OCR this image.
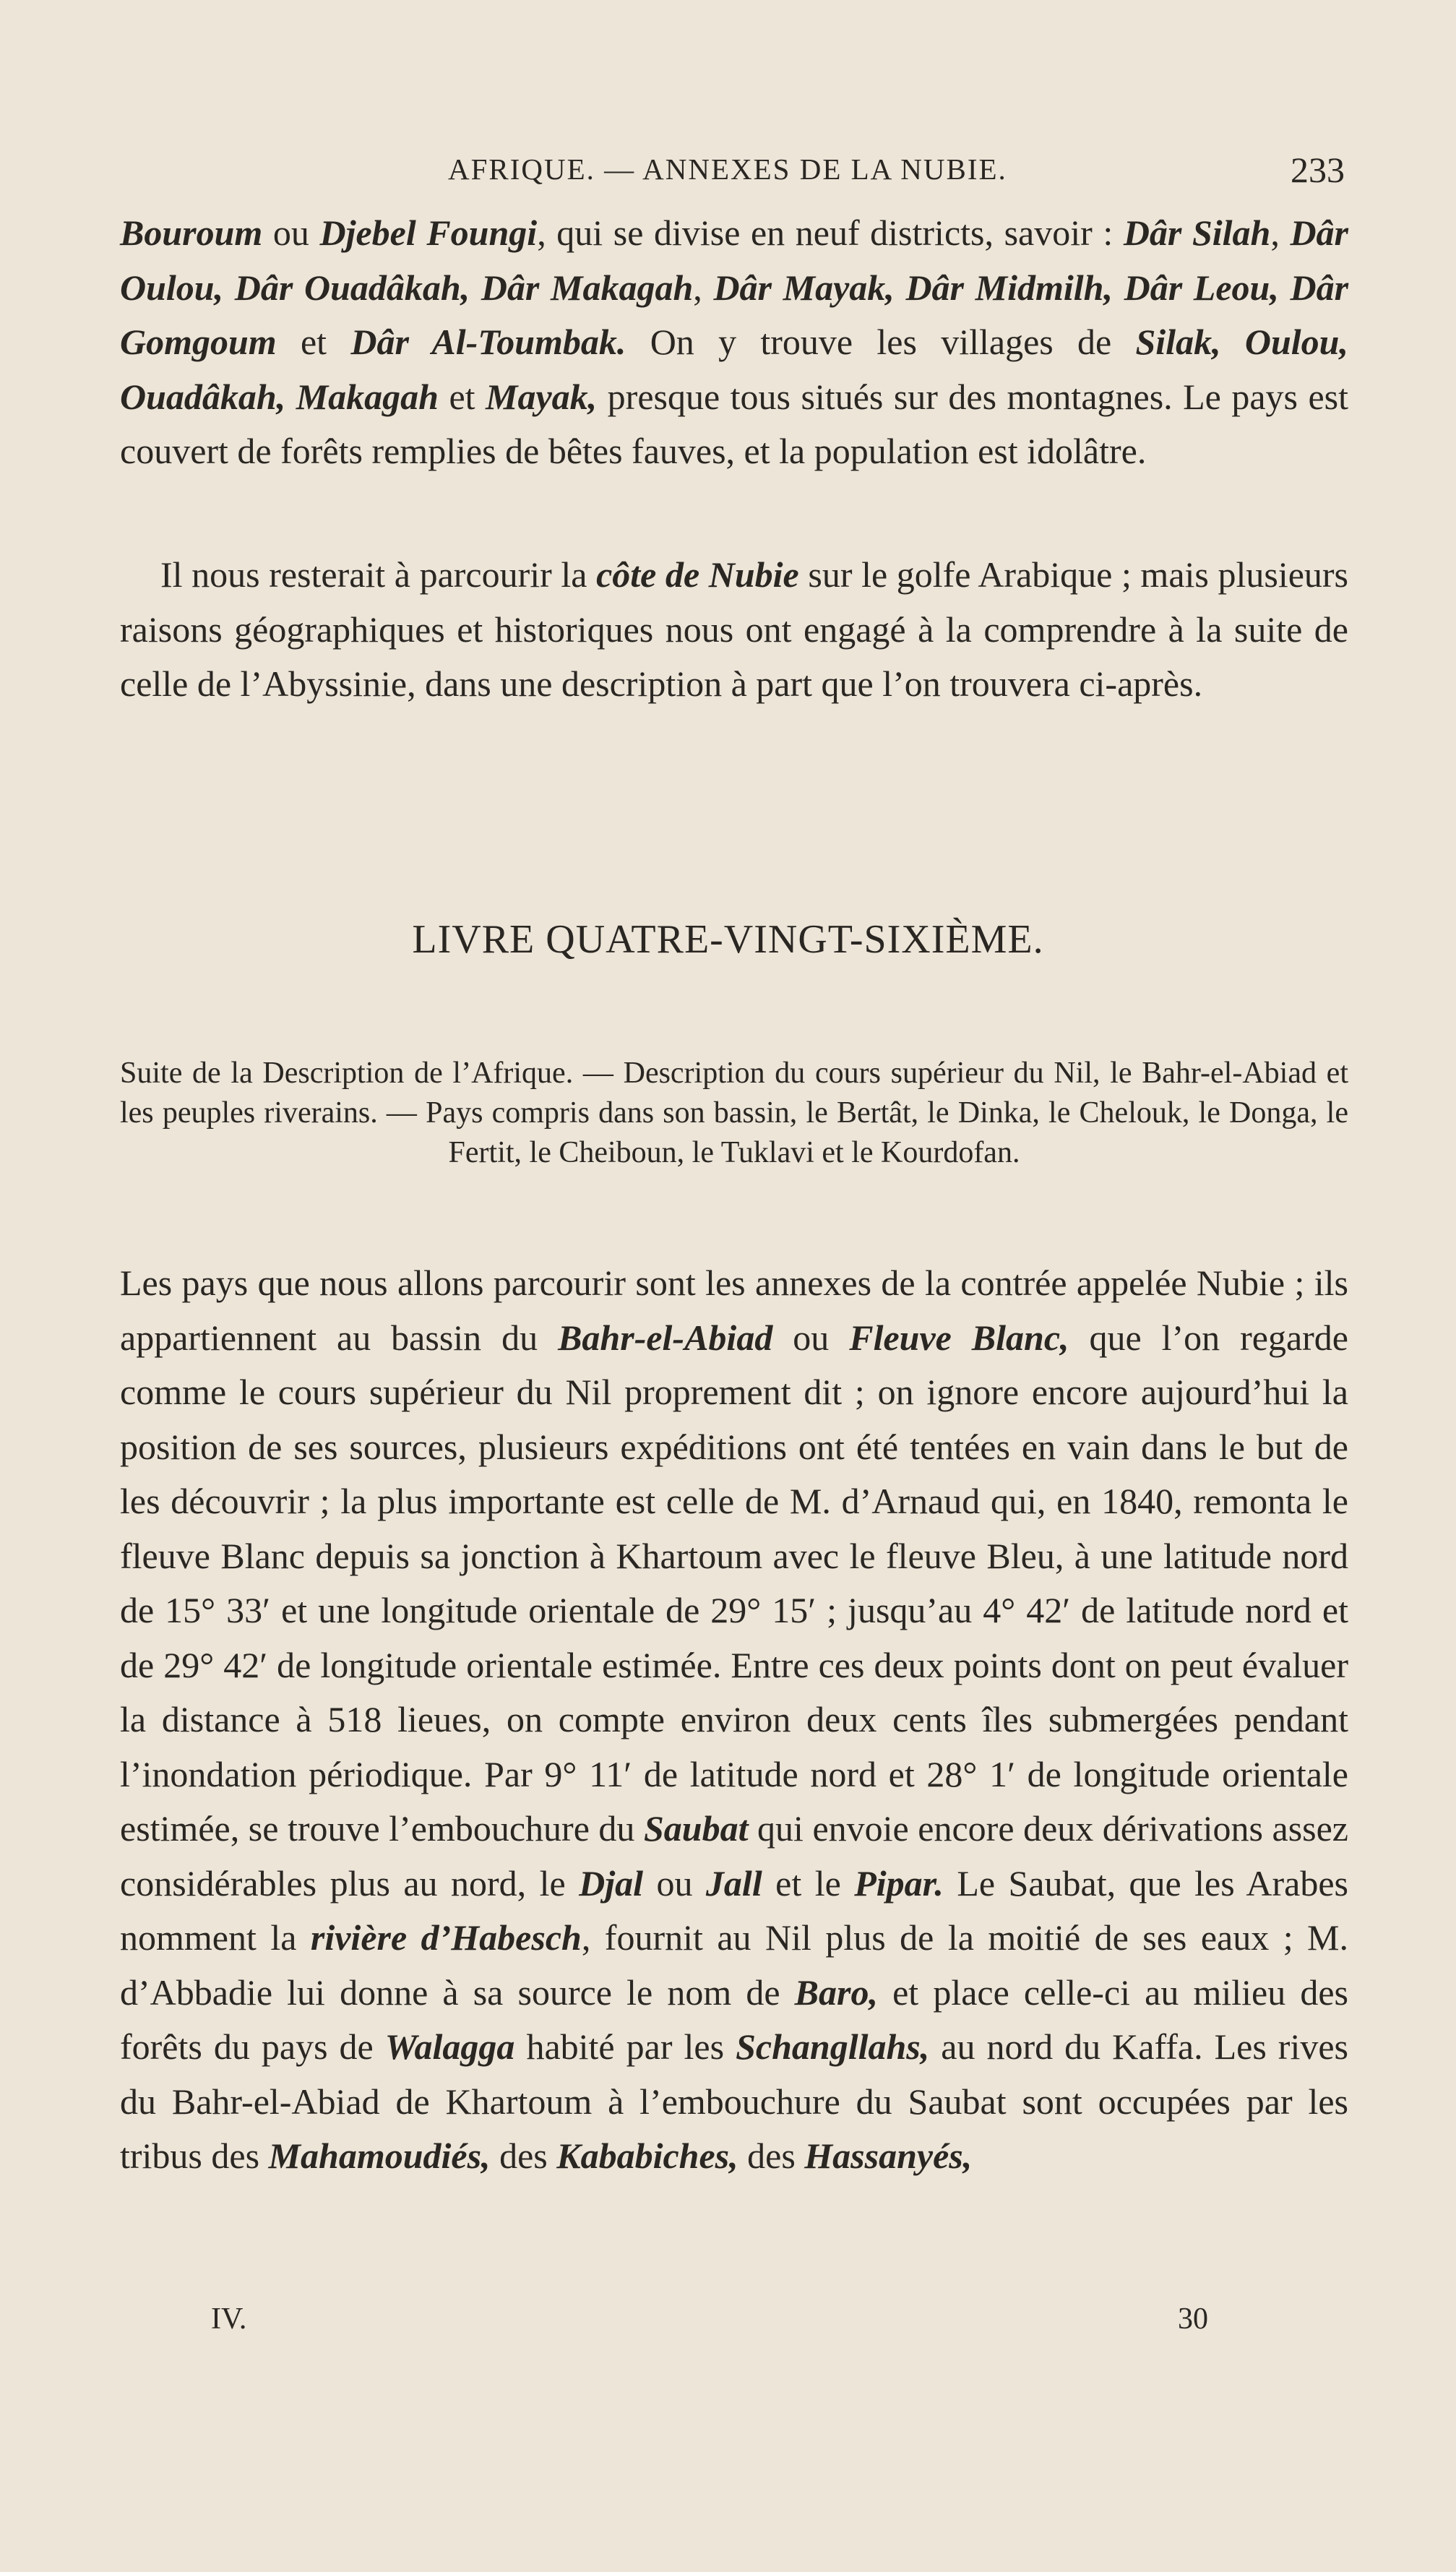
AFRIQUE. — ANNEXES DE LA NUBIE.	233

Bouroum ou Djebel Foungi, qui se divise en neuf districts, savoir : Dâr Silah, Dâr Oulou, Dâr Ouadâkah, Dâr Makagah, Dâr Mayak, Dâr Midmilh, Dâr Leou, Dâr Gomgoum et Dâr Al-Toumbak. On y trouve les villages de Silak, Oulou, Ouadâkah, Makagah et Mayak, presque tous situés sur des montagnes. Le pays est couvert de forêts remplies de bêtes fauves, et la population est idolâtre.

Il nous resterait à parcourir la côte de Nubie sur le golfe Arabique ; mais plusieurs raisons géographiques et historiques nous ont engagé à la comprendre à la suite de celle de l’Abyssinie, dans une description à part que l’on trouvera ci-après.

LIVRE QUATRE-VINGT-SIXIÈME.
Suite de la Description de l’Afrique. — Description du cours supérieur du Nil, le Bahr-el-Abiad et les peuples riverains. — Pays compris dans son bassin, le Bertât, le Dinka, le Chelouk, le Donga, le Fertit, le Cheiboun, le Tuklavi et le Kourdofan.

Les pays que nous allons parcourir sont les annexes de la contrée appelée Nubie ; ils appartiennent au bassin du Bahr-el-Abiad ou Fleuve Blanc, que l’on regarde comme le cours supérieur du Nil proprement dit ; on ignore encore aujourd’hui la position de ses sources, plusieurs expéditions ont été tentées en vain dans le but de les découvrir ; la plus importante est celle de M. d’Arnaud qui, en 1840, remonta le fleuve Blanc depuis sa jonction à Khartoum avec le fleuve Bleu, à une latitude nord de 15° 33′ et une longitude orientale de 29° 15′ ; jusqu’au 4° 42′ de latitude nord et de 29° 42′ de longitude orientale estimée. Entre ces deux points dont on peut évaluer la distance à 518 lieues, on compte environ deux cents îles submergées pendant l’inondation périodique. Par 9° 11′ de latitude nord et 28° 1′ de longitude orientale estimée, se trouve l’embouchure du Saubat qui envoie encore deux dérivations assez considérables plus au nord, le Djal ou Jall et le Pipar. Le Saubat, que les Arabes nomment la rivière d’Habesch, fournit au Nil plus de la moitié de ses eaux ; M. d’Abbadie lui donne à sa source le nom de Baro, et place celle-ci au milieu des forêts du pays de Walagga habité par les Schangllahs, au nord du Kaffa. Les rives du Bahr-el-Abiad de Khartoum à l’embouchure du Saubat sont occupées par les tribus des Mahamoudiés, des Kababiches, des Hassanyés,

IV.	30
